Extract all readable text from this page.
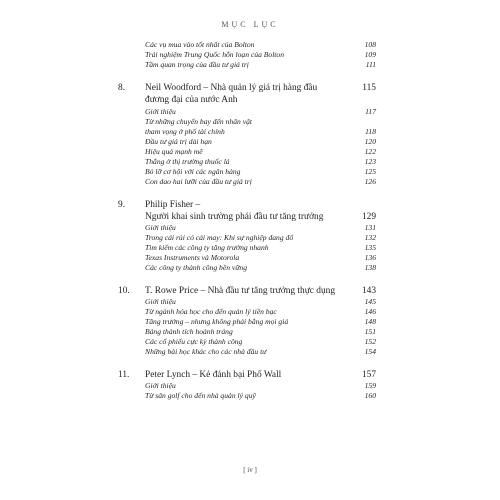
MỤC LỤC
Các vụ mua vào tốt nhất của Bolton	108
Trải nghiệm Trung Quốc hỗn loạn của Bolton	109
Tầm quan trọng của đầu tư giá trị	111
8.	Neil Woodford – Nhà quản lý giá trị hàng đầu	115
đương đại của nước Anh
Giới thiệu	117
Từ những chuyến bay đến nhân vật
tham vọng ở phố tài chính	118
Đầu tư giá trị dài hạn	120
Hiệu quả mạnh mẽ	122
Thắng ở thị trường thuốc lá	123
Bỏ lỡ cơ hội với các ngân hàng	125
Con dao hai lưỡi của đầu tư giá trị	126
9.	Philip Fisher –
Người khai sinh trường phái đầu tư tăng trưởng	129
Giới thiệu	131
Trong cái rủi có cái may: Khi sự nghiệp đang đổ	132
Tìm kiếm các công ty tăng trưởng nhanh	135
Texas Instruments và Motorola	136
Các công ty thành công bền vững	138
10.	T. Rowe Price – Nhà đầu tư tăng trưởng thực dụng	143
Giới thiệu	145
Từ ngành hóa học cho đến quản lý tiền bạc	146
Tăng trưởng – nhưng không phải bằng mọi giá	148
Bảng thành tích hoành tráng	151
Các cổ phiếu cực kỳ thành công	152
Những bài học khác cho các nhà đầu tư	154
11.	Peter Lynch – Kẻ đánh bại Phố Wall	157
Giới thiệu	159
Từ sân golf cho đến nhà quản lý quỹ	160
[ iv ]
